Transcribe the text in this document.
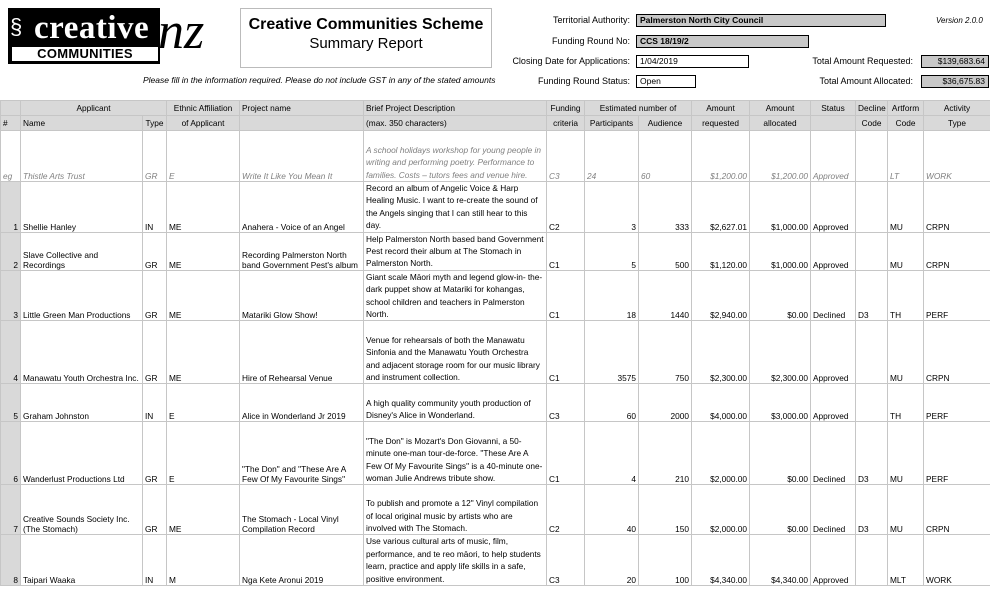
§ creative
COMMUNITIES nz	Creative Communities Scheme
Summary Report
Territorial Authority:	Palmerston North City Council	Version 2.0.0
Funding Round No:	CCS 18/19/2
Closing Date for Applications:	1/04/2019	Total Amount Requested:	$139,683.64
Please fill in the information required. Please do not include GST in any of the stated amounts	Funding Round Status:	Open	Total Amount Allocated:	$36,675.83
	Applicant		Ethnic Affiliation	Project name	Brief Project Description	Funding	Estimated number of		Amount	Amount	Status	Decline	Artform	Activity
#	Name	Type	of Applicant		(max. 350 characters)	criteria	Participants	Audience	requested	allocated		Code	Code	Type
eg	Thistle Arts Trust	GR	E	Write It Like You Mean It	A school holidays workshop for young people in writing and performing poetry. Performance to families. Costs – tutors fees and venue hire.	C3	24	60	$1,200.00	$1,200.00	Approved		LT	WORK
1	Shellie Hanley	IN	ME	Anahera - Voice of an Angel	Record an album of Angelic Voice & Harp Healing Music. I want to re-create the sound of the Angels singing that I can still hear to this day.	C2	3	333	$2,627.01	$1,000.00	Approved		MU	CRPN
2	Slave Collective and Recordings	GR	ME	Recording Palmerston North band Government Pest's album	Help Palmerston North based band Government Pest record their album at The Stomach in Palmerston North.	C1	5	500	$1,120.00	$1,000.00	Approved		MU	CRPN
3	Little Green Man Productions	GR	ME	Matariki Glow Show!	Giant scale Māori myth and legend glow-in- the-dark puppet show at Matariki for kohangas, school children and teachers in Palmerston North.	C1	18	1440	$2,940.00	$0.00	Declined	D3	TH	PERF
4	Manawatu Youth Orchestra Inc.	GR	ME	Hire of Rehearsal Venue	Venue for rehearsals of both the Manawatu Sinfonia and the Manawatu Youth Orchestra and adjacent storage room for our music library and instrument collection.	C1	3575	750	$2,300.00	$2,300.00	Approved		MU	CRPN
5	Graham Johnston	IN	E	Alice in Wonderland Jr 2019	A high quality community youth production of Disney's Alice in Wonderland.	C3	60	2000	$4,000.00	$3,000.00	Approved		TH	PERF
6	Wanderlust Productions Ltd	GR	E	"The Don" and "These Are A Few Of My Favourite Sings"	"The Don" is Mozart's Don Giovanni, a 50-minute one-man tour-de-force. "These Are A Few Of My Favourite Sings" is a 40-minute one-woman Julie Andrews tribute show.	C1	4	210	$2,000.00	$0.00	Declined	D3	MU	PERF
7	Creative Sounds Society Inc. (The Stomach)	GR	ME	The Stomach - Local Vinyl Compilation Record	To publish and promote a 12" Vinyl compilation of local original music by artists who are involved with The Stomach.	C2	40	150	$2,000.00	$0.00	Declined	D3	MU	CRPN
8	Taipari Waaka	IN	M	Nga Kete Aronui 2019	Use various cultural arts of music, film, performance, and te reo māori, to help students learn, practice and apply life skills in a safe, positive environment.	C3	20	100	$4,340.00	$4,340.00	Approved		MLT	WORK
